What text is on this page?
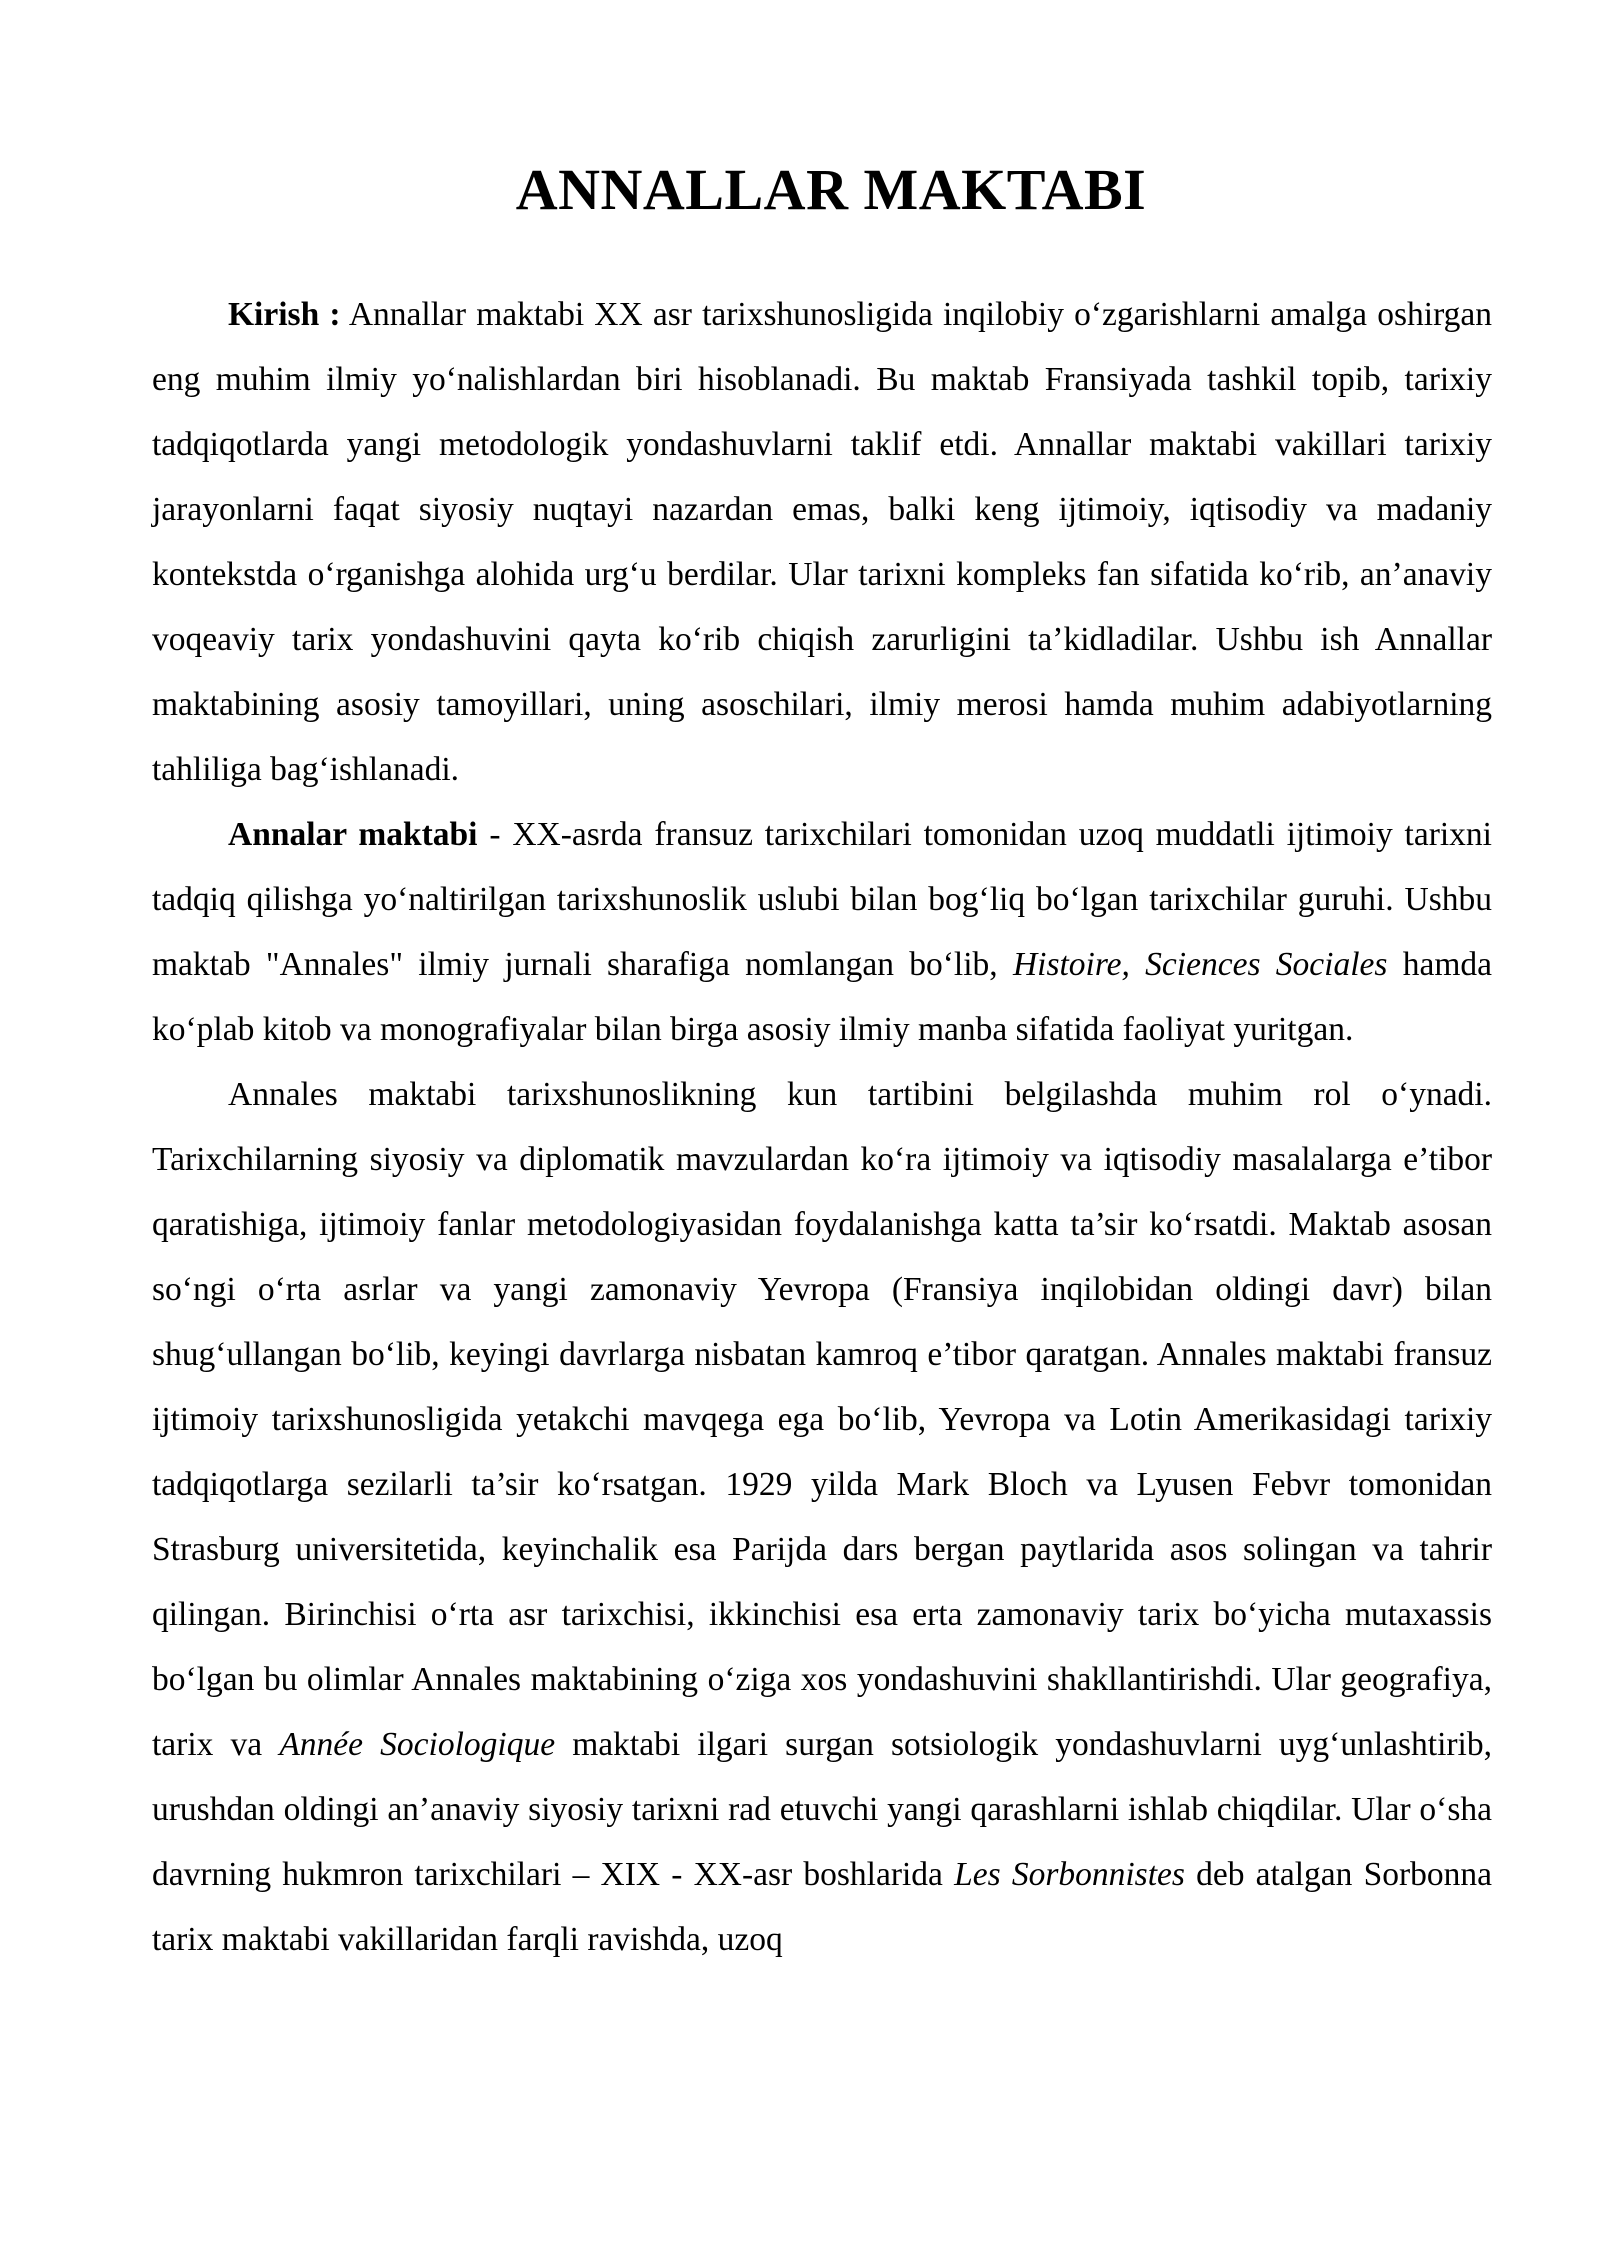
ANNALLAR MAKTABI

Kirish : Annallar maktabi XX asr tarixshunosligida inqilobiy o‘zgarishlarni amalga oshirgan eng muhim ilmiy yo‘nalishlardan biri hisoblanadi. Bu maktab Fransiyada tashkil topib, tarixiy tadqiqotlarda yangi metodologik yondashuvlarni taklif etdi. Annallar maktabi vakillari tarixiy jarayonlarni faqat siyosiy nuqtayi nazardan emas, balki keng ijtimoiy, iqtisodiy va madaniy kontekstda o‘rganishga alohida urg‘u berdilar. Ular tarixni kompleks fan sifatida ko‘rib, an’anaviy voqeaviy tarix yondashuvini qayta ko‘rib chiqish zarurligini ta’kidladilar. Ushbu ish Annallar maktabining asosiy tamoyillari, uning asoschilari, ilmiy merosi hamda muhim adabiyotlarning tahliliga bag‘ishlanadi.

Annalar maktabi - XX-asrda fransuz tarixchilari tomonidan uzoq muddatli ijtimoiy tarixni tadqiq qilishga yo‘naltirilgan tarixshunoslik uslubi bilan bog‘liq bo‘lgan tarixchilar guruhi. Ushbu maktab "Annales" ilmiy jurnali sharafiga nomlangan bo‘lib, Histoire, Sciences Sociales hamda ko‘plab kitob va monografiyalar bilan birga asosiy ilmiy manba sifatida faoliyat yuritgan.

Annales maktabi tarixshunoslikning kun tartibini belgilashda muhim rol o‘ynadi. Tarixchilarning siyosiy va diplomatik mavzulardan ko‘ra ijtimoiy va iqtisodiy masalalarga e’tibor qaratishiga, ijtimoiy fanlar metodologiyasidan foydalanishga katta ta’sir ko‘rsatdi. Maktab asosan so‘ngi o‘rta asrlar va yangi zamonaviy Yevropa (Fransiya inqilobidan oldingi davr) bilan shug‘ullangan bo‘lib, keyingi davrlarga nisbatan kamroq e’tibor qaratgan. Annales maktabi fransuz ijtimoiy tarixshunosligida yetakchi mavqega ega bo‘lib, Yevropa va Lotin Amerikasidagi tarixiy tadqiqotlarga sezilarli ta’sir ko‘rsatgan. 1929 yilda Mark Bloch va Lyusen Febvr tomonidan Strasburg universitetida, keyinchalik esa Parijda dars bergan paytlarida asos solingan va tahrir qilingan. Birinchisi o‘rta asr tarixchisi, ikkinchisi esa erta zamonaviy tarix bo‘yicha mutaxassis bo‘lgan bu olimlar Annales maktabining o‘ziga xos yondashuvini shakllantirishdi. Ular geografiya, tarix va Année Sociologique maktabi ilgari surgan sotsiologik yondashuvlarni uyg‘unlashtirib, urushdan oldingi an’anaviy siyosiy tarixni rad etuvchi yangi qarashlarni ishlab chiqdilar. Ular o‘sha davrning hukmron tarixchilari – XIX - XX-asr boshlarida Les Sorbonnistes deb atalgan Sorbonna tarix maktabi vakillaridan farqli ravishda, uzoq
